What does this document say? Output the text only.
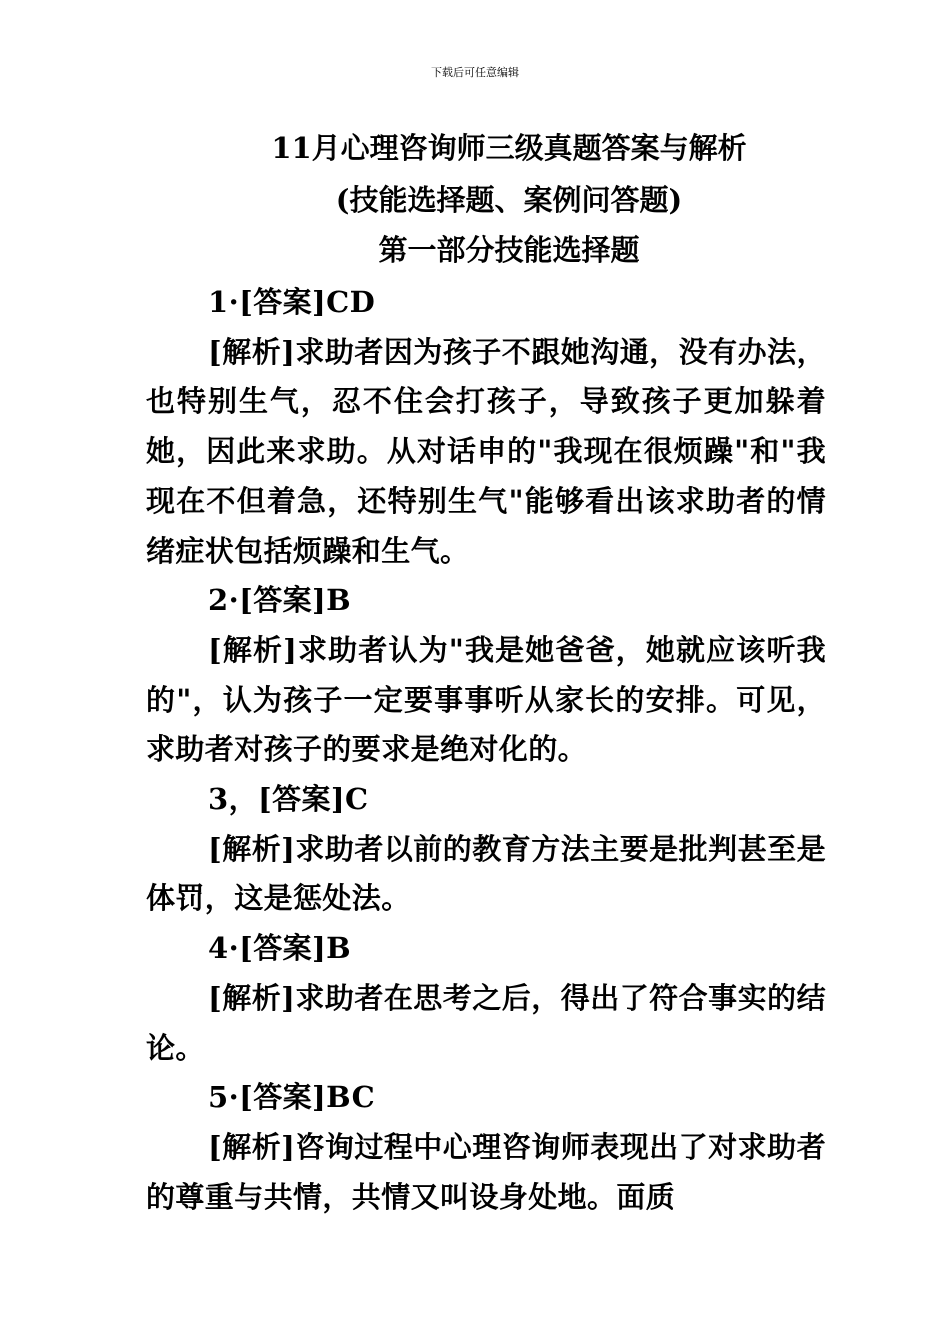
下载后可任意编辑
11月心理咨询师三级真题答案与解析
(技能选择题、案例问答题)
第一部分技能选择题

1·[答案]CD

[解析]求助者因为孩子不跟她沟通，没有办法，也特别生气，忍不住会打孩子，导致孩子更加躲着她，因此来求助。从对话申的"我现在很烦躁"和"我现在不但着急，还特别生气"能够看出该求助者的情绪症状包括烦躁和生气。

2·[答案]B

[解析]求助者认为"我是她爸爸，她就应该听我的"，认为孩子一定要事事听从家长的安排。可见，求助者对孩子的要求是绝对化的。

3，[答案]C

[解析]求助者以前的教育方法主要是批判甚至是体罚，这是惩处法。

4·[答案]B

[解析]求助者在思考之后，得出了符合事实的结论。

5·[答案]BC

[解析]咨询过程中心理咨询师表现出了对求助者的尊重与共情，共情又叫设身处地。面质
